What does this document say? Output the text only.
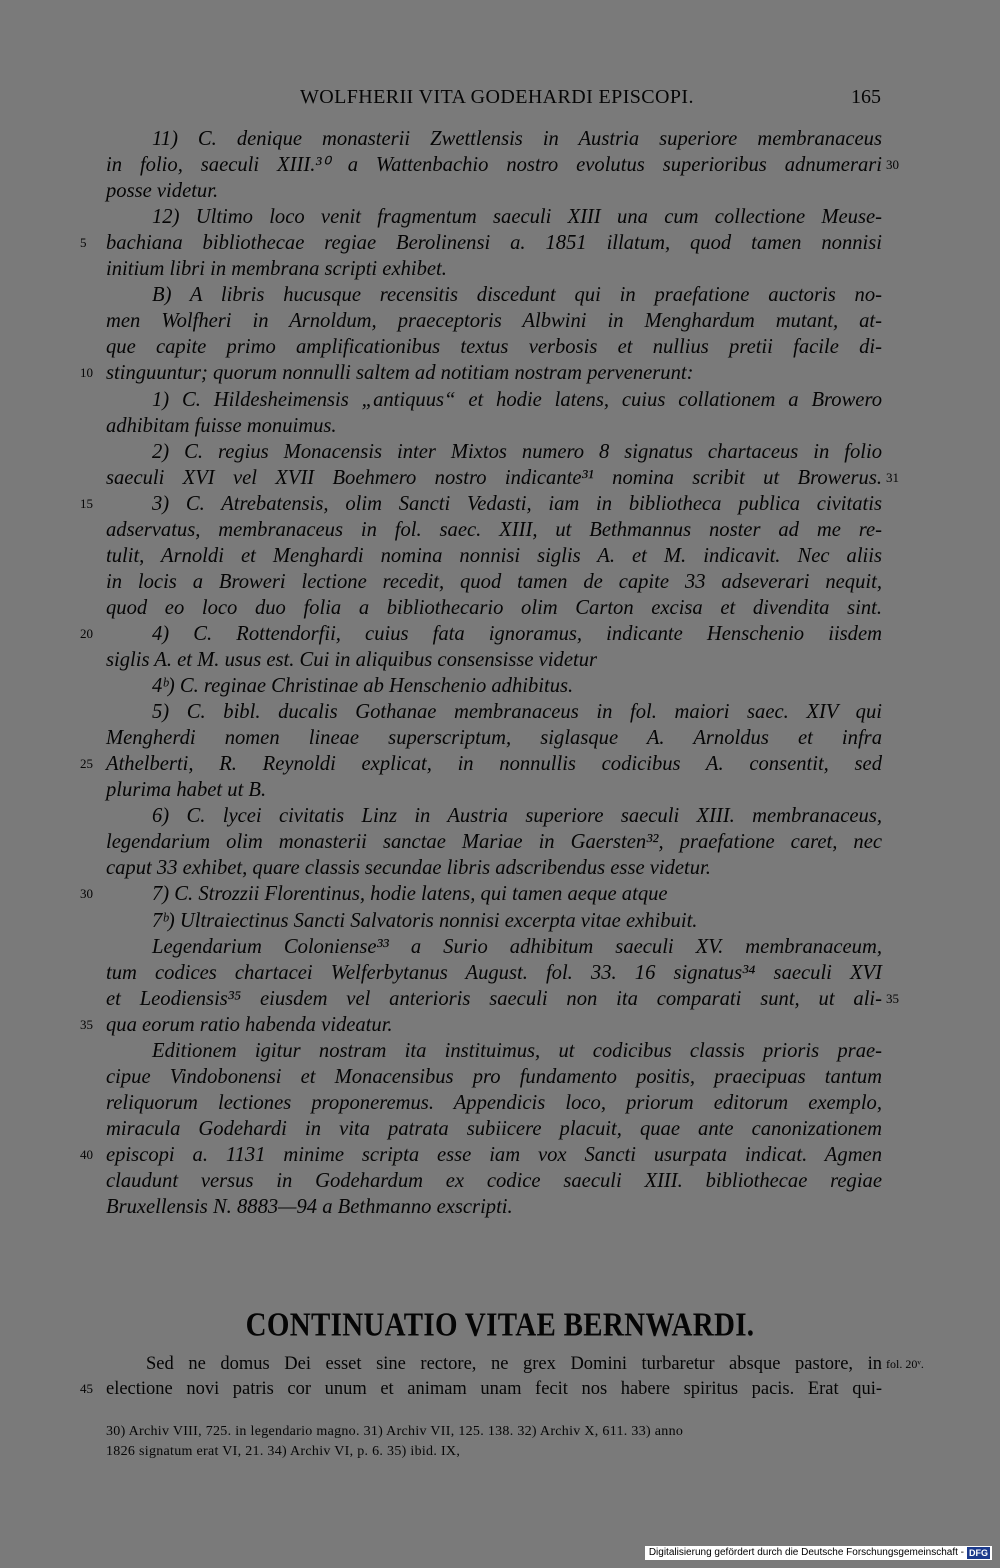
WOLFHERII VITA GODEHARDI EPISCOPI.	165
11) C. denique monasterii Zwettlensis in Austria superiore membranaceus
in folio, saeculi XIII.³⁰ a Wattenbachio nostro evolutus superioribus adnumerari 30
posse videtur.
12) Ultimo loco venit fragmentum saeculi XIII una cum collectione Meuse-
bachiana bibliothecae regiae Berolinensi a. 1851 illatum, quod tamen nonnisi
5
initium libri in membrana scripti exhibet.
B) A libris hucusque recensitis discedunt qui in praefatione auctoris no-
men Wolfheri in Arnoldum, praeceptoris Albwini in Menghardum mutant, at-
que capite primo amplificationibus textus verbosis et nullius pretii facile di-
stinguuntur; quorum nonnulli saltem ad notitiam nostram pervenerunt:
10
1) C. Hildesheimensis „antiquus“ et hodie latens, cuius collationem a Browero
adhibitam fuisse monuimus.
2) C. regius Monacensis inter Mixtos numero 8 signatus chartaceus in folio
saeculi XVI vel XVII Boehmero nostro indicante³¹ nomina scribit ut Browerus. 31
3) C. Atrebatensis, olim Sancti Vedasti, iam in bibliotheca publica civitatis
15
adservatus, membranaceus in fol. saec. XIII, ut Bethmannus noster ad me re-
tulit, Arnoldi et Menghardi nomina nonnisi siglis A. et M. indicavit. Nec aliis
in locis a Broweri lectione recedit, quod tamen de capite 33 adseverari nequit,
quod eo loco duo folia a bibliothecario olim Carton excisa et divendita sint.
4) C. Rottendorfii, cuius fata ignoramus, indicante Henschenio iisdem
20
siglis A. et M. usus est. Cui in aliquibus consensisse videtur
4ᵇ) C. reginae Christinae ab Henschenio adhibitus.
5) C. bibl. ducalis Gothanae membranaceus in fol. maiori saec. XIV qui
Mengherdi nomen lineae superscriptum, siglasque A. Arnoldus et infra
Athelberti, R. Reynoldi explicat, in nonnullis codicibus A. consentit, sed
25
plurima habet ut B.
6) C. lycei civitatis Linz in Austria superiore saeculi XIII. membranaceus,
legendarium olim monasterii sanctae Mariae in Gaersten³², praefatione caret, nec
caput 33 exhibet, quare classis secundae libris adscribendus esse videtur.
7) C. Strozzii Florentinus, hodie latens, qui tamen aeque atque
30
7ᵇ) Ultraiectinus Sancti Salvatoris nonnisi excerpta vitae exhibuit.
Legendarium Coloniense³³ a Surio adhibitum saeculi XV. membranaceum,
tum codices chartacei Welferbytanus August. fol. 33. 16 signatus³⁴ saeculi XVI
et Leodiensis³⁵ eiusdem vel anterioris saeculi non ita comparati sunt, ut ali- 35
qua eorum ratio habenda videatur.
35
Editionem igitur nostram ita instituimus, ut codicibus classis prioris prae-
cipue Vindobonensi et Monacensibus pro fundamento positis, praecipuas tantum
reliquorum lectiones proponeremus. Appendicis loco, priorum editorum exemplo,
miracula Godehardi in vita patrata subiicere placuit, quae ante canonizationem
episcopi a. 1131 minime scripta esse iam vox Sancti usurpata indicat. Agmen
40
claudunt versus in Godehardum ex codice saeculi XIII. bibliothecae regiae
Bruxellensis N. 8883—94 a Bethmanno exscripti.
CONTINUATIO VITAE BERNWARDI.
Sed ne domus Dei esset sine rectore, ne grex Domini turbaretur absque pastore, in
electione novi patris cor unum et animam unam fecit nos habere spiritus pacis. Erat qui-
45
fol. 20ᵛ.
30) Archiv VIII, 725. in legendario magno. 31) Archiv VII, 125. 138. 32) Archiv X, 611. 33) anno
1826 signatum erat VI, 21. 34) Archiv VI, p. 6. 35) ibid. IX,
Digitalisierung gefördert durch die Deutsche Forschungsgemeinschaft - DFG
